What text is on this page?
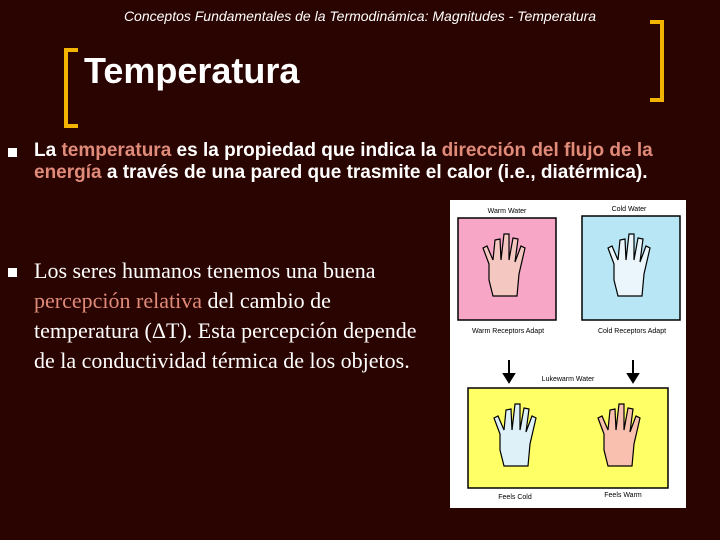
Conceptos Fundamentales de la Termodinámica: Magnitudes - Temperatura
Temperatura
La temperatura es la propiedad que indica la dirección del flujo de la energía a través de una pared que trasmite el calor (i.e., diatérmica).
Los seres humanos tenemos una buena percepción relativa del cambio de temperatura (ΔT). Esta percepción depende de la conductividad térmica de los objetos.
Warm Water	Cold Water
Warm Receptors Adapt	Cold Receptors Adapt
Lukewarm Water
Feels Cold	Feels Warm
